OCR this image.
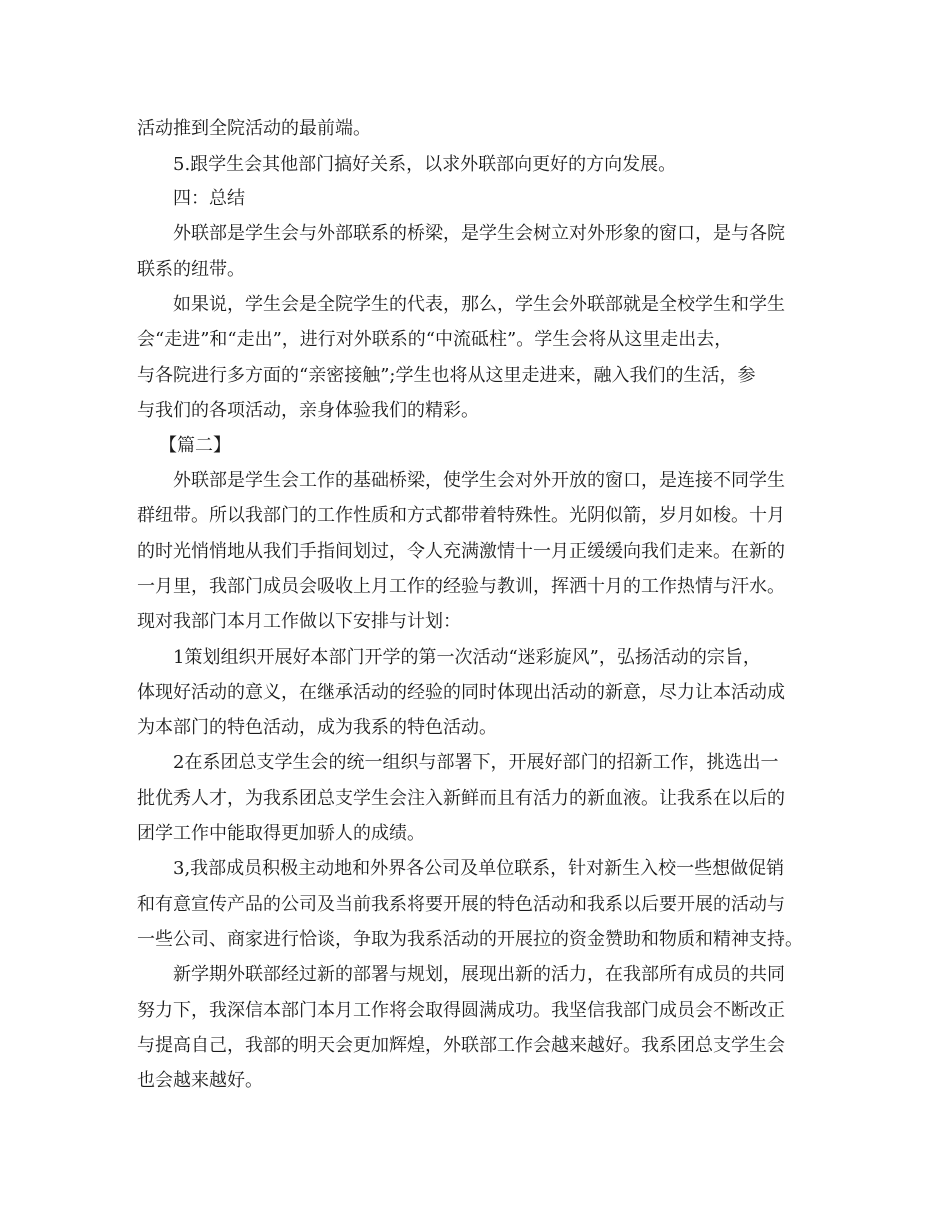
活动推到全院活动的最前端。
5.跟学生会其他部门搞好关系，以求外联部向更好的方向发展。
四：总结
外联部是学生会与外部联系的桥梁，是学生会树立对外形象的窗口，是与各院
联系的纽带。
如果说，学生会是全院学生的代表，那么，学生会外联部就是全校学生和学生
会“走进”和“走出”，进行对外联系的“中流砥柱”。学生会将从这里走出去，
与各院进行多方面的“亲密接触”;学生也将从这里走进来，融入我们的生活，参
与我们的各项活动，亲身体验我们的精彩。
【篇二】
外联部是学生会工作的基础桥梁，使学生会对外开放的窗口，是连接不同学生
群纽带。所以我部门的工作性质和方式都带着特殊性。光阴似箭，岁月如梭。十月
的时光悄悄地从我们手指间划过，令人充满激情十一月正缓缓向我们走来。在新的
一月里，我部门成员会吸收上月工作的经验与教训，挥洒十月的工作热情与汗水。
现对我部门本月工作做以下安排与计划：
1策划组织开展好本部门开学的第一次活动“迷彩旋风”，弘扬活动的宗旨，
体现好活动的意义，在继承活动的经验的同时体现出活动的新意，尽力让本活动成
为本部门的特色活动，成为我系的特色活动。
2在系团总支学生会的统一组织与部署下，开展好部门的招新工作，挑选出一
批优秀人才，为我系团总支学生会注入新鲜而且有活力的新血液。让我系在以后的
团学工作中能取得更加骄人的成绩。
3,我部成员积极主动地和外界各公司及单位联系，针对新生入校一些想做促销
和有意宣传产品的公司及当前我系将要开展的特色活动和我系以后要开展的活动与
一些公司、商家进行恰谈，争取为我系活动的开展拉的资金赞助和物质和精神支持。
新学期外联部经过新的部署与规划，展现出新的活力，在我部所有成员的共同
努力下，我深信本部门本月工作将会取得圆满成功。我坚信我部门成员会不断改正
与提高自己，我部的明天会更加辉煌，外联部工作会越来越好。我系团总支学生会
也会越来越好。
